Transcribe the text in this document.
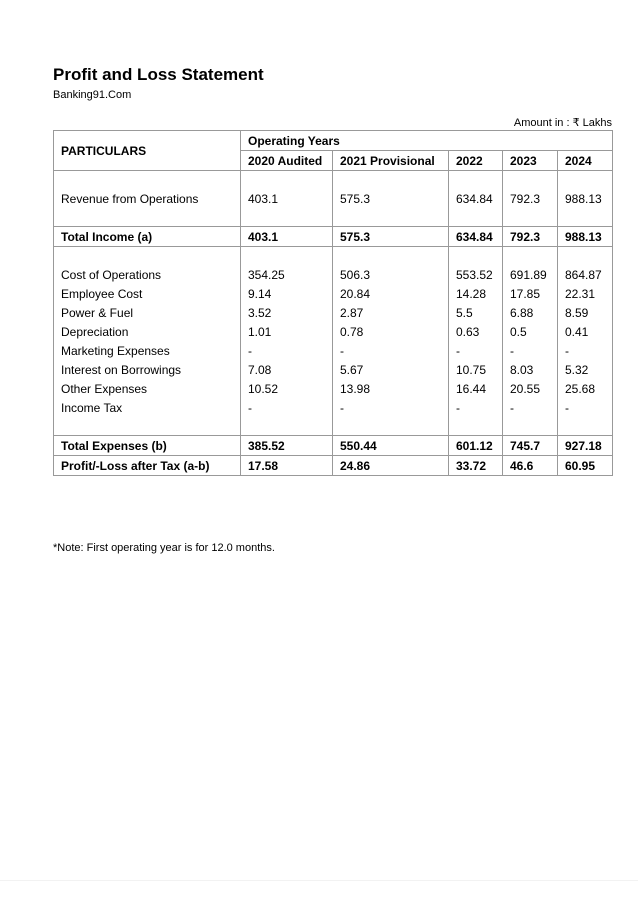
Profit and Loss Statement
Banking91.Com
Amount in : ₹ Lakhs
PARTICULARS	Operating Years				
	2020 Audited	2021 Provisional	2022	2023	2024

Revenue from Operations	403.1	575.3	634.84	792.3	988.13

Total Income (a)	403.1	575.3	634.84	792.3	988.13

Cost of Operations	354.25	506.3	553.52	691.89	864.87
Employee Cost	9.14	20.84	14.28	17.85	22.31
Power & Fuel	3.52	2.87	5.5	6.88	8.59
Depreciation	1.01	0.78	0.63	0.5	0.41
Marketing Expenses	-	-	-	-	-
Interest on Borrowings	7.08	5.67	10.75	8.03	5.32
Other Expenses	10.52	13.98	16.44	20.55	25.68
Income Tax	-	-	-	-	-

Total Expenses (b)	385.52	550.44	601.12	745.7	927.18
Profit/-Loss after Tax (a-b)	17.58	24.86	33.72	46.6	60.95
*Note: First operating year is for 12.0 months.
